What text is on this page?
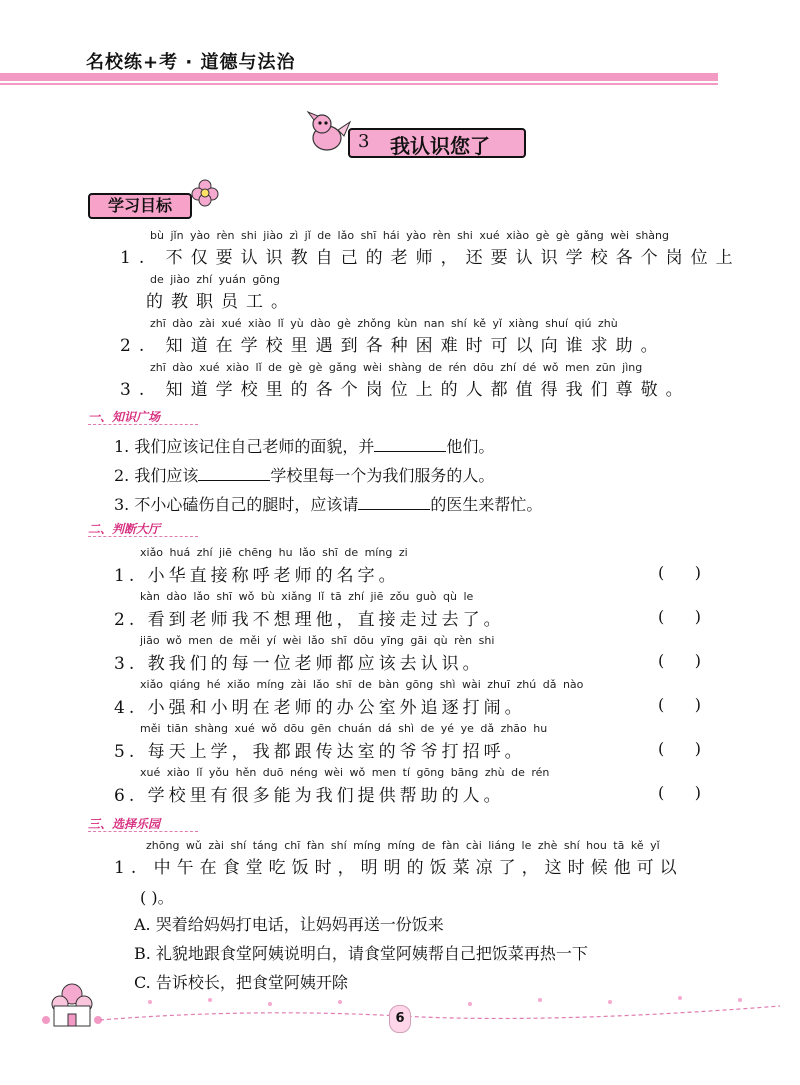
名校练+考 · 道德与法治
3 我认识您了
学习目标
bù jǐn yào rèn shi jiào zì jǐ de lǎo shī hái yào rèn shi xué xiào gè gè gǎng wèi shàng
1. 不仅要认识教自己的老师，还要认识学校各个岗位上
de jiào zhí yuán gōng
的教职员工。
zhī dào zài xué xiào lǐ yù dào gè zhǒng kùn nan shí kě yǐ xiàng shuí qiú zhù
2. 知道在学校里遇到各种困难时可以向谁求助。
zhī dào xué xiào lǐ de gè gè gǎng wèi shàng de rén dōu zhí dé wǒ men zūn jìng
3. 知道学校里的各个岗位上的人都值得我们尊敬。
一、知识广场
1. 我们应该记住自己老师的面貌，并	他们。
2. 我们应该	学校里每一个为我们服务的人。
3. 不小心磕伤自己的腿时，应该请	的医生来帮忙。
二、判断大厅
xiǎo huá zhí jiē chēng hu lǎo shī de míng zi
1. 小华直接称呼老师的名字。	(      )
kàn dào lǎo shī wǒ bù xiǎng lǐ tā zhí jiē zǒu guò qù le
2. 看到老师我不想理他，直接走过去了。	(      )
jiāo wǒ men de měi yí wèi lǎo shī dōu yīng gāi qù rèn shi
3. 教我们的每一位老师都应该去认识。	(      )
xiǎo qiáng hé xiǎo míng zài lǎo shī de bàn gōng shì wài zhuī zhú dǎ nào
4. 小强和小明在老师的办公室外追逐打闹。	(      )
měi tiān shàng xué wǒ dōu gēn chuán dá shì de yé ye dǎ zhāo hu
5. 每天上学，我都跟传达室的爷爷打招呼。	(      )
xué xiào lǐ yǒu hěn duō néng wèi wǒ men tí gōng bāng zhù de rén
6. 学校里有很多能为我们提供帮助的人。	(      )
三、选择乐园
zhōng wǔ zài shí táng chī fàn shí míng míng de fàn cài liáng le zhè shí hou tā kě yǐ
1. 中午在食堂吃饭时，明明的饭菜凉了，这时候他可以
( )。
A. 哭着给妈妈打电话，让妈妈再送一份饭来
B. 礼貌地跟食堂阿姨说明白，请食堂阿姨帮自己把饭菜再热一下
C. 告诉校长，把食堂阿姨开除
6
